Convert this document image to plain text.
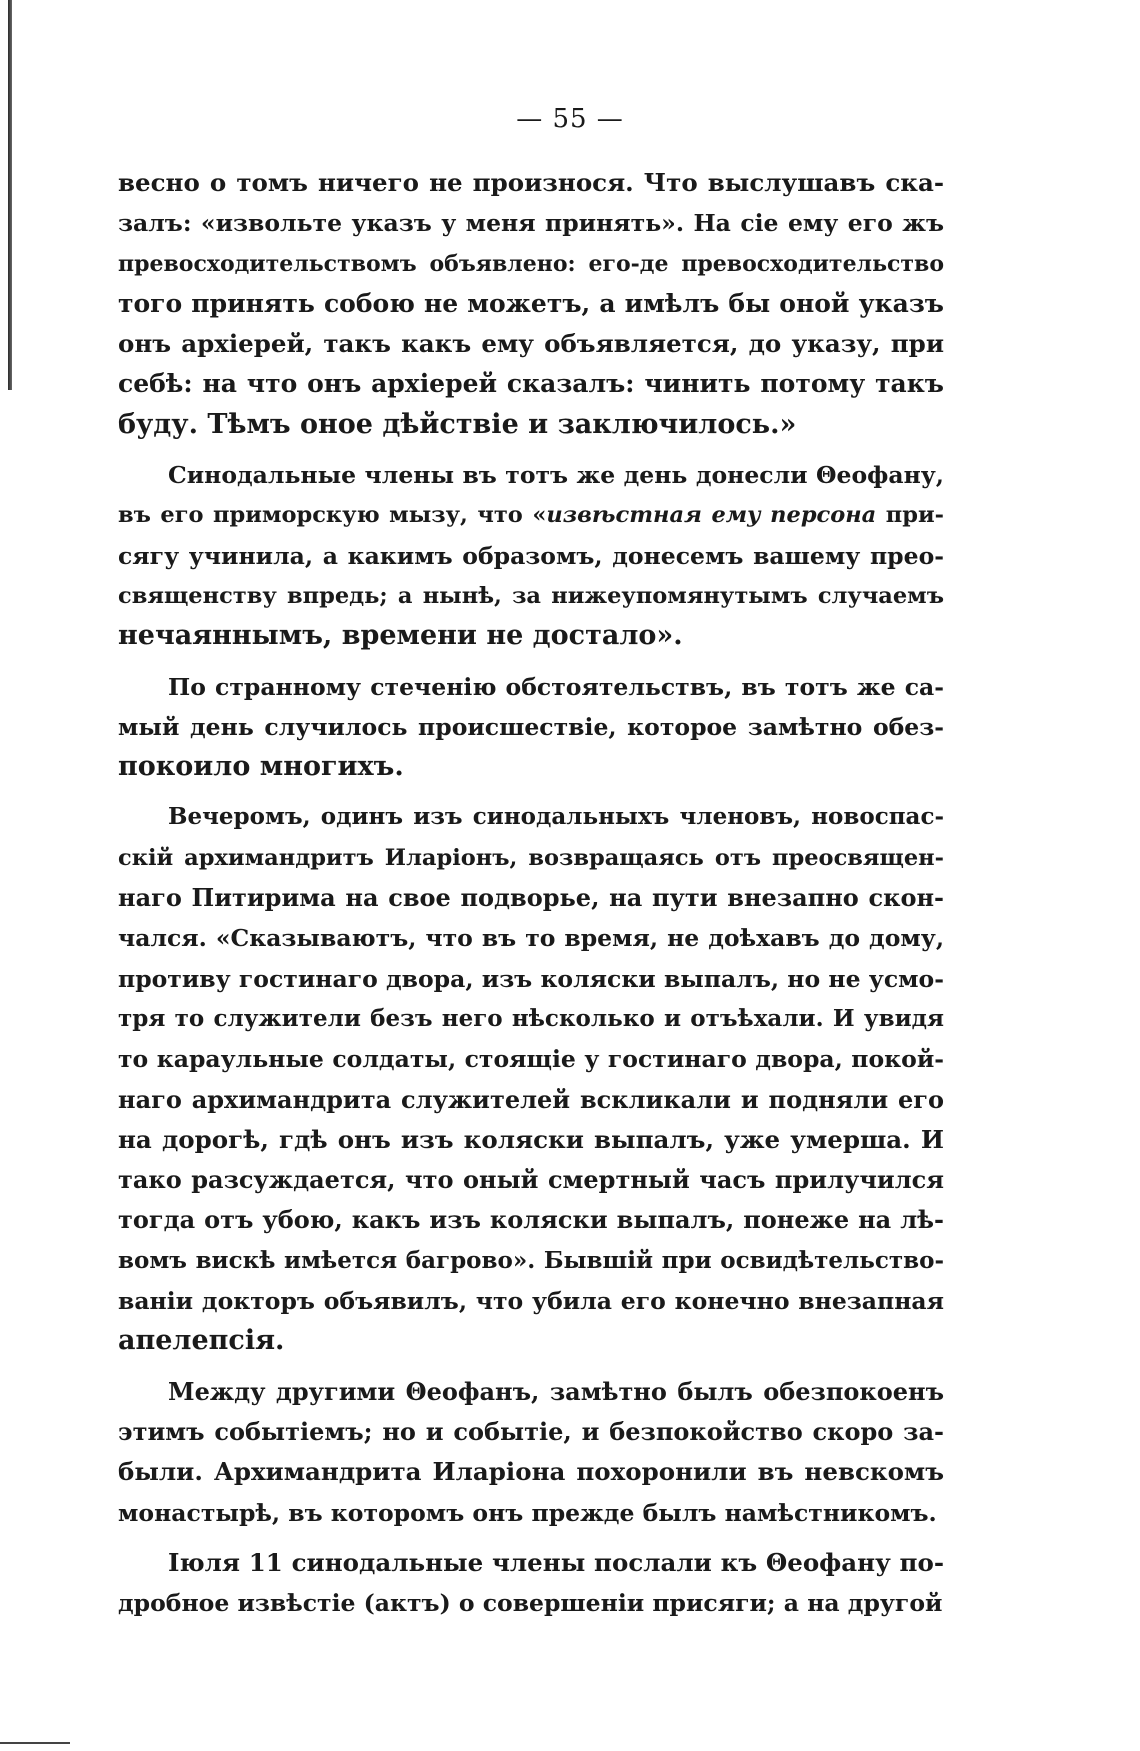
— 55 —
весно о томъ ничего не произнося. Что выслушавъ ска-
залъ: «извольте указъ у меня принять». На сіе ему его жъ
превосходительствомъ объявлено: его-де превосходительство
того принять собою не можетъ, а имѣлъ бы оной указъ
онъ архіерей, такъ какъ ему объявляется, до указу, при
себѣ: на что онъ архіерей сказалъ: чинить потому такъ
буду. Тѣмъ оное дѣйствіе и заключилось.»
Синодальные члены въ тотъ же день донесли Θеофану,
въ его приморскую мызу, что «извѣстная ему персона при-
сягу учинила, а какимъ образомъ, донесемъ вашему прео-
священству впредь; а нынѣ, за нижеупомянутымъ случаемъ
нечаяннымъ, времени не достало».
По странному стеченію обстоятельствъ, въ тотъ же са-
мый день случилось происшествіе, которое замѣтно обез-
покоило многихъ.
Вечеромъ, одинъ изъ синодальныхъ членовъ, новоспас-
скій архимандритъ Иларіонъ, возвращаясь отъ преосвящен-
наго Питирима на свое подворье, на пути внезапно скон-
чался. «Сказываютъ, что въ то время, не доѣхавъ до дому,
противу гостинаго двора, изъ коляски выпалъ, но не усмо-
тря то служители безъ него нѣсколько и отъѣхали. И увидя
то караульные солдаты, стоящіе у гостинаго двора, покой-
наго архимандрита служителей вскликали и подняли его
на дорогѣ, гдѣ онъ изъ коляски выпалъ, уже умерша. И
тако разсуждается, что оный смертный часъ прилучился
тогда отъ убою, какъ изъ коляски выпалъ, понеже на лѣ-
вомъ вискѣ имѣется багрово». Бывшій при освидѣтельство-
ваніи докторъ объявилъ, что убила его конечно внезапная
апелепсія.
Между другими Θеофанъ, замѣтно былъ обезпокоенъ
этимъ событіемъ; но и событіе, и безпокойство скоро за-
были. Архимандрита Иларіона похоронили въ невскомъ
монастырѣ, въ которомъ онъ прежде былъ намѣстникомъ.
Іюля 11 синодальные члены послали къ Θеофану по-
дробное извѣстіе (актъ) о совершеніи присяги; а на другой
